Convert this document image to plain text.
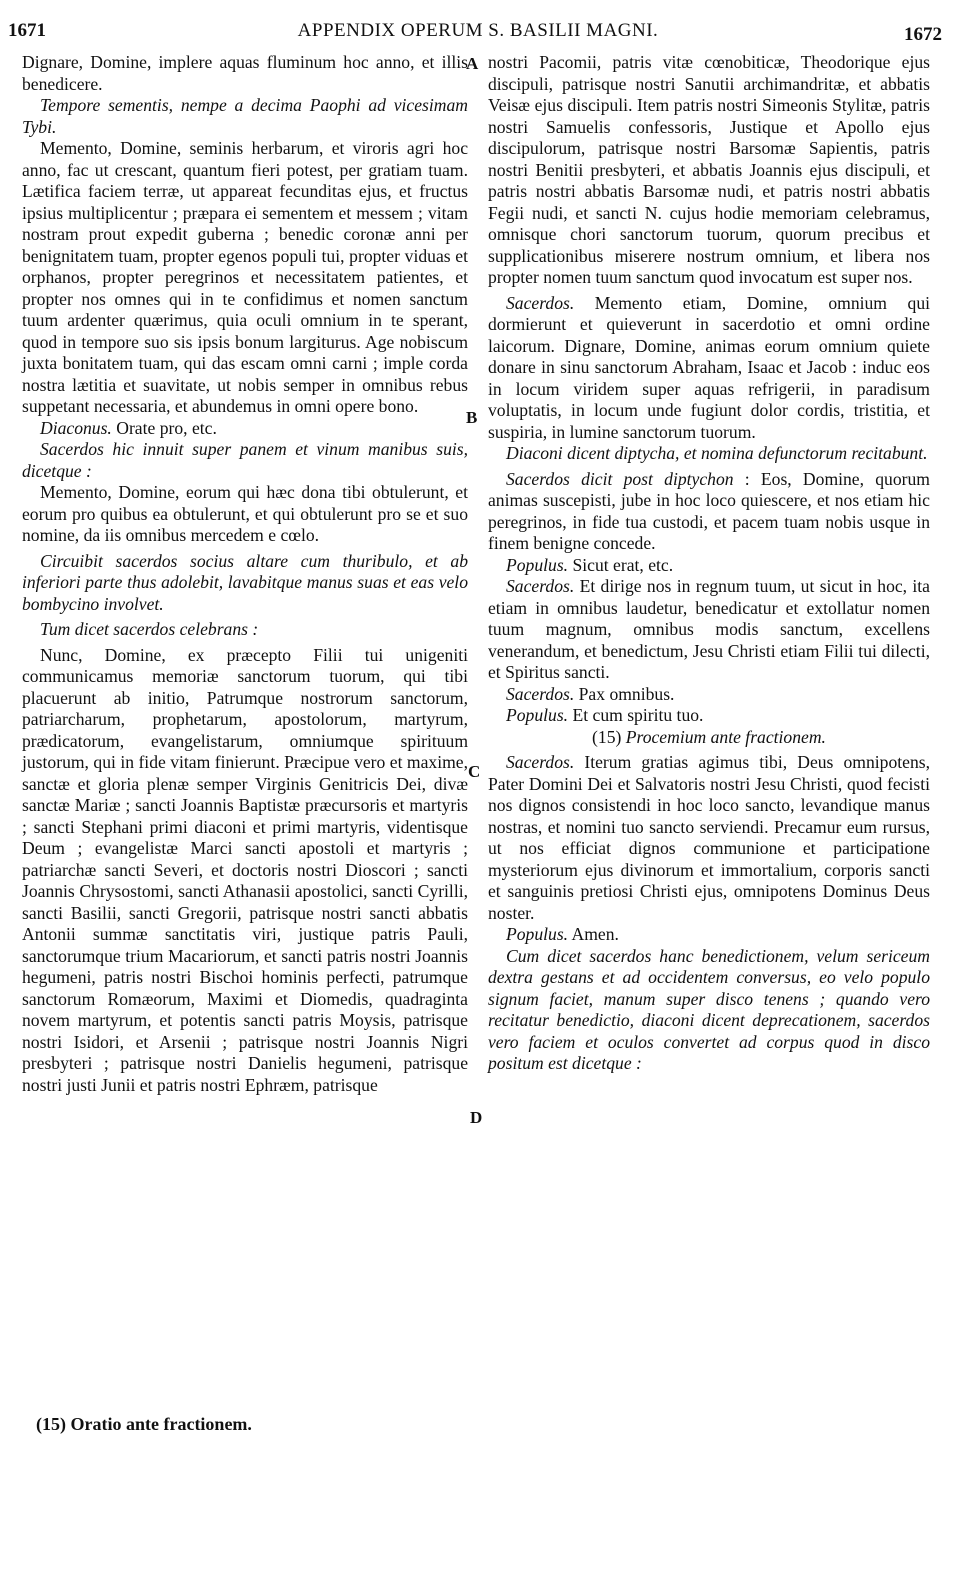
1671	APPENDIX OPERUM S. BASILII MAGNI.	1672

Dignare, Domine, implere aquas fluminum hoc anno, et illis benedicere.

Tempore sementis, nempe a decima Paophi ad vicesimam Tybi.

Memento, Domine, seminis herbarum, et viroris agri hoc anno, fac ut crescant, quantum fieri potest, per gratiam tuam. Lætifica faciem terræ, ut appareat fecunditas ejus, et fructus ipsius multiplicentur ; præpara ei sementem et messem ; vitam nostram prout expedit guberna ; benedic coronæ anni per benignitatem tuam, propter egenos populi tui, propter viduas et orphanos, propter peregrinos et necessitatem patientes, et propter nos omnes qui in te confidimus et nomen sanctum tuum ardenter quærimus, quia oculi omnium in te sperant, quod in tempore suo sis ipsis bonum largiturus. Age nobiscum juxta bonitatem tuam, qui das escam omni carni ; imple corda nostra lætitia et suavitate, ut nobis semper in omnibus rebus suppetant necessaria, et abundemus in omni opere bono.

Diaconus. Orate pro, etc.

Sacerdos hic innuit super panem et vinum manibus suis, dicetque :

Memento, Domine, eorum qui hæc dona tibi obtulerunt, et eorum pro quibus ea obtulerunt, et qui obtulerunt pro se et suo nomine, da iis omnibus mercedem e cœlo.

Circuibit sacerdos socius altare cum thuribulo, et ab inferiori parte thus adolebit, lavabitque manus suas et eas velo bombycino involvet.

Tum dicet sacerdos celebrans :

Nunc, Domine, ex præcepto Filii tui unigeniti communicamus memoriæ sanctorum tuorum, qui tibi placuerunt ab initio, Patrumque nostrorum sanctorum, patriarcharum, prophetarum, apostolorum, martyrum, prædicatorum, evangelistarum, omniumque spirituum justorum, qui in fide vitam finierunt. Præcipue vero et maxime, sanctæ et gloria plenæ semper Virginis Genitricis Dei, divæ sanctæ Mariæ ; sancti Joannis Baptistæ præcursoris et martyris ; sancti Stephani primi diaconi et primi martyris, videntisque Deum ; evangelistæ Marci sancti apostoli et martyris ; patriarchæ sancti Severi, et doctoris nostri Dioscori ; sancti Joannis Chrysostomi, sancti Athanasii apostolici, sancti Cyrilli, sancti Basilii, sancti Gregorii, patrisque nostri sancti abbatis Antonii summæ sanctitatis viri, justique patris Pauli, sanctorumque trium Macariorum, et sancti patris nostri Joannis hegumeni, patris nostri Bischoi hominis perfecti, patrumque sanctorum Romæorum, Maximi et Diomedis, quadraginta novem martyrum, et potentis sancti patris Moysis, patrisque nostri Isidori, et Arsenii ; patrisque nostri Joannis Nigri presbyteri ; patrisque nostri Danielis hegumeni, patrisque nostri justi Junii et patris nostri Ephræm, patrisque

nostri Pacomii, patris vitæ cœnobiticæ, Theodorique ejus discipuli, patrisque nostri Sanutii archimandritæ, et abbatis Veisæ ejus discipuli. Item patris nostri Simeonis Stylitæ, patris nostri Samuelis confessoris, Justique et Apollo ejus discipulorum, patrisque nostri Barsomæ Sapientis, patris nostri Benitii presbyteri, et abbatis Joannis ejus discipuli, et patris nostri abbatis Barsomæ nudi, et patris nostri abbatis Fegii nudi, et sancti N. cujus hodie memoriam celebramus, omnisque chori sanctorum tuorum, quorum precibus et supplicationibus miserere nostrum omnium, et libera nos propter nomen tuum sanctum quod invocatum est super nos.

Sacerdos. Memento etiam, Domine, omnium qui dormierunt et quieverunt in sacerdotio et omni ordine laicorum. Dignare, Domine, animas eorum omnium quiete donare in sinu sanctorum Abraham, Isaac et Jacob : induc eos in locum viridem super aquas refrigerii, in paradisum voluptatis, in locum unde fugiunt dolor cordis, tristitia, et suspiria, in lumine sanctorum tuorum.

Diaconi dicent diptycha, et nomina defunctorum recitabunt.

Sacerdos dicit post diptychon : Eos, Domine, quorum animas suscepisti, jube in hoc loco quiescere, et nos etiam hic peregrinos, in fide tua custodi, et pacem tuam nobis usque in finem benigne concede.

Populus. Sicut erat, etc.

Sacerdos. Et dirige nos in regnum tuum, ut sicut in hoc, ita etiam in omnibus laudetur, benedicatur et extollatur nomen tuum magnum, omnibus modis sanctum, excellens venerandum, et benedictum, Jesu Christi etiam Filii tui dilecti, et Spiritus sancti.

Sacerdos. Pax omnibus.

Populus. Et cum spiritu tuo.

(15) Procemium ante fractionem.

Sacerdos. Iterum gratias agimus tibi, Deus omnipotens, Pater Domini Dei et Salvatoris nostri Jesu Christi, quod fecisti nos dignos consistendi in hoc loco sancto, levandique manus nostras, et nomini tuo sancto serviendi. Precamur eum rursus, ut nos efficiat dignos communione et participatione mysteriorum ejus divinorum et immortalium, corporis sancti et sanguinis pretiosi Christi ejus, omnipotens Dominus Deus noster.

Populus. Amen.

Cum dicet sacerdos hanc benedictionem, velum sericeum dextra gestans et ad occidentem conversus, eo velo populo signum faciet, manum super disco tenens ; quando vero recitatur benedictio, diaconi dicent deprecationem, sacerdos vero faciem et oculos convertet ad corpus quod in disco positum est dicetque :

A
B
C
D
(15) Oratio ante fractionem.
